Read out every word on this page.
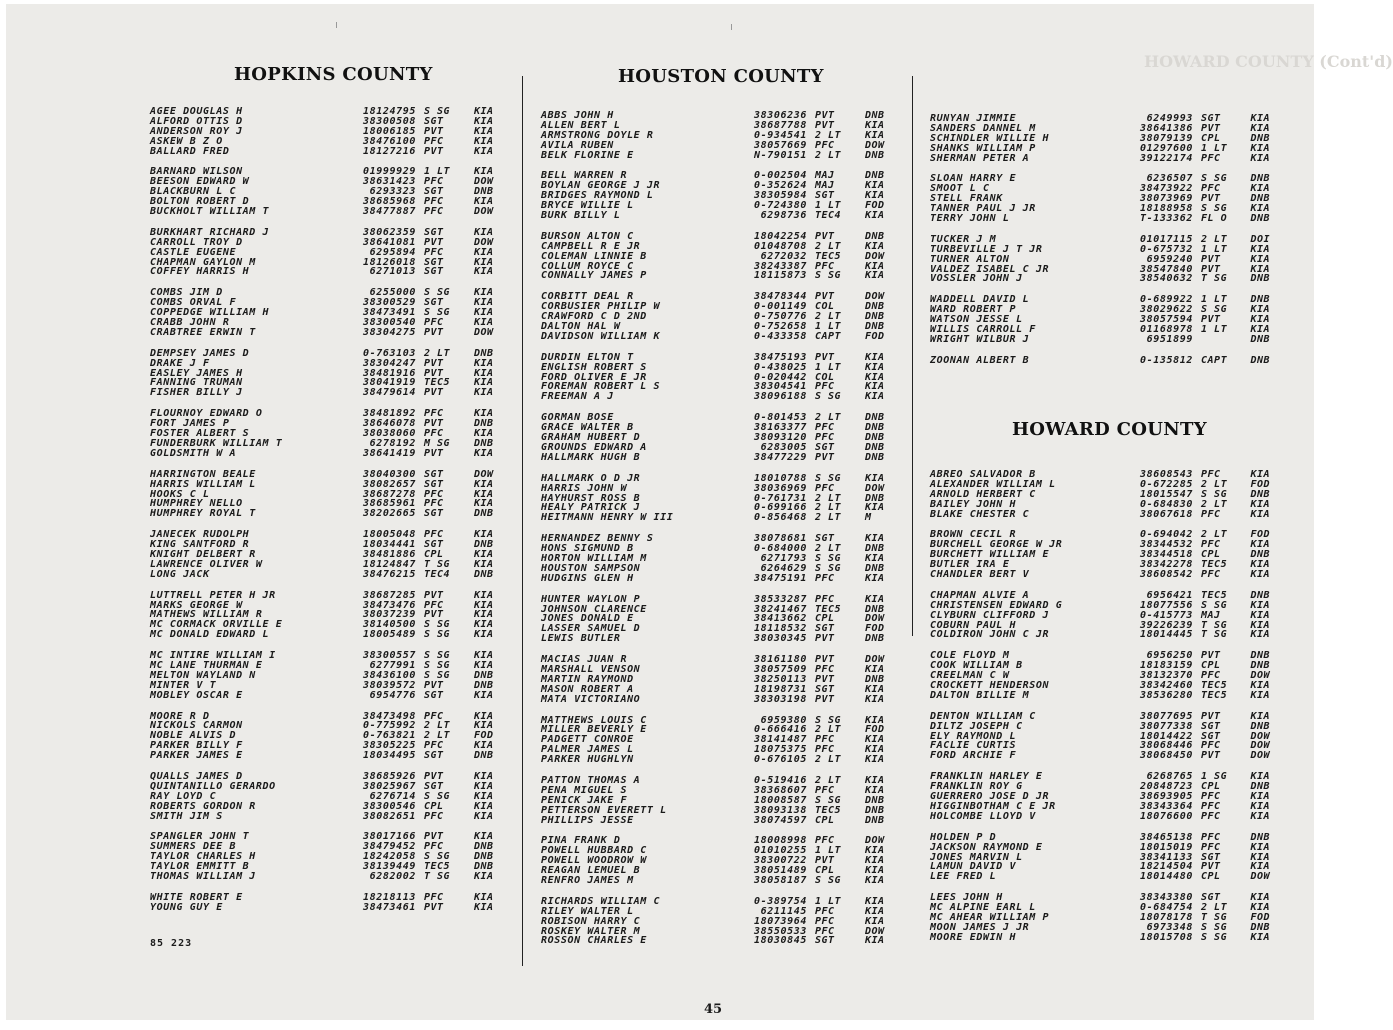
HOWARD COUNTY (Cont'd)
HOPKINS COUNTY
AGEE DOUGLAS H	18124795 S SG	KIA
ALFORD OTTIS D	38300508 SGT	KIA
ANDERSON ROY J	18006185 PVT	KIA
ASKEW B Z O	38476100 PFC	KIA
BALLARD FRED	18127216 PVT	KIA
BARNARD WILSON	01999929 1 LT	KIA
BEESON EDWARD W	38631423 PFC	DOW
BLACKBURN L C	6293323 SGT	DNB
BOLTON ROBERT D	38685968 PFC	KIA
BUCKHOLT WILLIAM T	38477887 PFC	DOW
BURKHART RICHARD J	38062359 SGT	KIA
CARROLL TROY D	38641081 PVT	DOW
CASTLE EUGENE	6295894 PFC	KIA
CHAPMAN GAYLON M	18126018 SGT	KIA
COFFEY HARRIS H	6271013 SGT	KIA
COMBS JIM D	6255000 S SG	KIA
COMBS ORVAL F	38300529 SGT	KIA
COPPEDGE WILLIAM H	38473491 S SG	KIA
CRABB JOHN R	38300540 PFC	KIA
CRABTREE ERWIN T	38304275 PVT	DOW
DEMPSEY JAMES D	0-763103 2 LT	DNB
DRAKE J F	38304247 PVT	KIA
EASLEY JAMES H	38481916 PVT	KIA
FANNING TRUMAN	38041919 TEC5	KIA
FISHER BILLY J	38479614 PVT	KIA
FLOURNOY EDWARD O	38481892 PFC	KIA
FORT JAMES P	38646078 PVT	DNB
FOSTER ALBERT S	38038060 PFC	KIA
FUNDERBURK WILLIAM T	6278192 M SG	DNB
GOLDSMITH W A	38641419 PVT	KIA
HARRINGTON BEALE	38040300 SGT	DOW
HARRIS WILLIAM L	38082657 SGT	KIA
HOOKS C L	38687278 PFC	KIA
HUMPHREY NELLO	38685961 PFC	KIA
HUMPHREY ROYAL T	38202665 SGT	DNB
JANECEK RUDOLPH	18005048 PFC	KIA
KING SANTFORD R	18034441 SGT	DNB
KNIGHT DELBERT R	38481886 CPL	KIA
LAWRENCE OLIVER W	18124847 T SG	KIA
LONG JACK	38476215 TEC4	DNB
LUTTRELL PETER H JR	38687285 PVT	KIA
MARKS GEORGE W	38473476 PFC	KIA
MATHEWS WILLIAM R	38037239 PVT	KIA
MC CORMACK ORVILLE E	38140500 S SG	KIA
MC DONALD EDWARD L	18005489 S SG	KIA
MC INTIRE WILLIAM I	38300557 S SG	KIA
MC LANE THURMAN E	6277991 S SG	KIA
MELTON WAYLAND N	38436100 S SG	DNB
MINTER V T	38039572 PVT	DNB
MOBLEY OSCAR E	6954776 SGT	KIA
MOORE R D	38473498 PFC	KIA
NICKOLS CARMON	0-775992 2 LT	KIA
NOBLE ALVIS D	0-763821 2 LT	FOD
PARKER BILLY F	38305225 PFC	KIA
PARKER JAMES E	18034495 SGT	DNB
QUALLS JAMES D	38685926 PVT	KIA
QUINTANILLO GERARDO	38025967 SGT	KIA
RAY LOYD C	6276714 S SG	KIA
ROBERTS GORDON R	38300546 CPL	KIA
SMITH JIM S	38082651 PFC	KIA
SPANGLER JOHN T	38017166 PVT	KIA
SUMMERS DEE B	38479452 PFC	DNB
TAYLOR CHARLES H	18242058 S SG	DNB
TAYLOR EMMITT B	38139449 TEC5	DNB
THOMAS WILLIAM J	6282002 T SG	KIA
WHITE ROBERT E	18218113 PFC	KIA
YOUNG GUY E	38473461 PVT	KIA
HOUSTON COUNTY
ABBS JOHN H	38306236 PVT	DNB
ALLEN BERT L	38687788 PVT	KIA
ARMSTRONG DOYLE R	0-934541 2 LT	KIA
AVILA RUBEN	38057669 PFC	DOW
BELK FLORINE E	N-790151 2 LT	DNB
BELL WARREN R	0-002504 MAJ	DNB
BOYLAN GEORGE J JR	0-352624 MAJ	KIA
BRIDGES RAYMOND L	38305984 SGT	KIA
BRYCE WILLIE L	0-724380 1 LT	FOD
BURK BILLY L	6298736 TEC4	KIA
BURSON ALTON C	18042254 PVT	DNB
CAMPBELL R E JR	01048708 2 LT	KIA
COLEMAN LINNIE B	6272032 TEC5	DOW
COLLUM ROYCE C	38243387 PFC	KIA
CONNALLY JAMES P	18115873 S SG	KIA
CORBITT DEAL R	38478344 PVT	DOW
CORBUSIER PHILIP W	0-001149 COL	DNB
CRAWFORD C D 2ND	0-750776 2 LT	DNB
DALTON HAL W	0-752658 1 LT	DNB
DAVIDSON WILLIAM K	0-433358 CAPT	FOD
DURDIN ELTON T	38475193 PVT	KIA
ENGLISH ROBERT S	0-438025 1 LT	KIA
FORD OLIVER E JR	0-020442 COL	KIA
FOREMAN ROBERT L S	38304541 PFC	KIA
FREEMAN A J	38096188 S SG	KIA
GORMAN BOSE	0-801453 2 LT	DNB
GRACE WALTER B	38163377 PFC	DNB
GRAHAM HUBERT D	38093120 PFC	DNB
GROUNDS EDWARD A	6283005 SGT	DNB
HALLMARK HUGH B	38477229 PVT	DNB
HALLMARK O D JR	18010788 S SG	KIA
HARRIS JOHN W	38036969 PFC	DOW
HAYHURST ROSS B	0-761731 2 LT	DNB
HEALY PATRICK J	0-699166 2 LT	KIA
HEITMANN HENRY W III	0-856468 2 LT	M
HERNANDEZ BENNY S	38078681 SGT	KIA
HONS SIGMUND B	0-684000 2 LT	DNB
HORTON WILLIAM M	6271793 S SG	KIA
HOUSTON SAMPSON	6264629 S SG	DNB
HUDGINS GLEN H	38475191 PFC	KIA
HUNTER WAYLON P	38533287 PFC	KIA
JOHNSON CLARENCE	38241467 TEC5	DNB
JONES DONALD E	38413662 CPL	DOW
LASSER SAMUEL D	18118532 SGT	FOD
LEWIS BUTLER	38030345 PVT	DNB
MACIAS JUAN R	38161180 PVT	DOW
MARSHALL VENSON	38057509 PFC	KIA
MARTIN RAYMOND	38250113 PVT	DNB
MASON ROBERT A	18198731 SGT	KIA
MATA VICTORIANO	38303198 PVT	KIA
MATTHEWS LOUIS C	6959380 S SG	KIA
MILLER BEVERLY E	0-666416 2 LT	FOD
PADGETT CONROE	38141487 PFC	KIA
PALMER JAMES L	18075375 PFC	KIA
PARKER HUGHLYN	0-676105 2 LT	KIA
PATTON THOMAS A	0-519416 2 LT	KIA
PENA MIGUEL S	38368607 PFC	KIA
PENICK JAKE F	18008587 S SG	DNB
PETTERSON EVERETT L	38093138 TEC5	DNB
PHILLIPS JESSE	38074597 CPL	DNB
PINA FRANK D	18008998 PFC	DOW
POWELL HUBBARD C	01010255 1 LT	KIA
POWELL WOODROW W	38300722 PVT	KIA
REAGAN LEMUEL B	38051489 CPL	KIA
RENFRO JAMES M	38058187 S SG	KIA
RICHARDS WILLIAM C	0-389754 1 LT	KIA
RILEY WALTER L	6211145 PFC	KIA
ROBISON HARRY C	18073964 PFC	KIA
ROSKEY WALTER M	38550533 PFC	DOW
ROSSON CHARLES E	18030845 SGT	KIA
RUNYAN JIMMIE	6249993 SGT	KIA
SANDERS DANNEL M	38641386 PVT	KIA
SCHINDLER WILLIE H	38079139 CPL	DNB
SHANKS WILLIAM P	01297600 1 LT	KIA
SHERMAN PETER A	39122174 PFC	KIA
SLOAN HARRY E	6236507 S SG	DNB
SMOOT L C	38473922 PFC	KIA
STELL FRANK	38073969 PVT	DNB
TANNER PAUL J JR	18188958 S SG	KIA
TERRY JOHN L	T-133362 FL O	DNB
TUCKER J M	01017115 2 LT	DOI
TURBEVILLE J T JR	0-675732 1 LT	KIA
TURNER ALTON	6959240 PVT	KIA
VALDEZ ISABEL C JR	38547840 PVT	KIA
VOSSLER JOHN J	38540632 T SG	DNB
WADDELL DAVID L	0-689922 1 LT	DNB
WARD ROBERT P	38029622 S SG	KIA
WATSON JESSE L	38057594 PVT	KIA
WILLIS CARROLL F	01168978 1 LT	KIA
WRIGHT WILBUR J	6951899	DNB
ZOONAN ALBERT B	0-135812 CAPT	DNB
HOWARD COUNTY
ABREO SALVADOR B	38608543 PFC	KIA
ALEXANDER WILLIAM L	0-672285 2 LT	FOD
ARNOLD HERBERT C	18015547 S SG	DNB
BAILEY JOHN H	0-684830 2 LT	KIA
BLAKE CHESTER C	38067618 PFC	KIA
BROWN CECIL R	0-694042 2 LT	FOD
BURCHELL GEORGE W JR	38344532 PFC	KIA
BURCHETT WILLIAM E	38344518 CPL	DNB
BUTLER IRA E	38342278 TEC5	KIA
CHANDLER BERT V	38608542 PFC	KIA
CHAPMAN ALVIE A	6956421 TEC5	DNB
CHRISTENSEN EDWARD G	18077556 S SG	KIA
CLYBURN CLIFFORD J	0-415773 MAJ	KIA
COBURN PAUL H	39226239 T SG	KIA
COLDIRON JOHN C JR	18014445 T SG	KIA
COLE FLOYD M	6956250 PVT	DNB
COOK WILLIAM B	18183159 CPL	DNB
CREELMAN C W	38132370 PFC	DOW
CROCKETT HENDERSON	38342460 TEC5	KIA
DALTON BILLIE M	38536280 TEC5	KIA
DENTON WILLIAM C	38077695 PVT	KIA
DILTZ JOSEPH C	38077338 SGT	DNB
ELY RAYMOND L	18014422 SGT	DOW
FACLIE CURTIS	38068446 PFC	DOW
FORD ARCHIE F	38068450 PVT	DOW
FRANKLIN HARLEY E	6268765 1 SG	KIA
FRANKLIN ROY G	20848723 CPL	DNB
GUERRERO JOSE D JR	38693905 PFC	KIA
HIGGINBOTHAM C E JR	38343364 PFC	KIA
HOLCOMBE LLOYD V	18076600 PFC	KIA
HOLDEN P D	38465138 PFC	DNB
JACKSON RAYMOND E	18015019 PFC	KIA
JONES MARVIN L	38341133 SGT	KIA
LAMUN DAVID V	18214504 PVT	KIA
LEE FRED L	18014480 CPL	DOW
LEES JOHN H	38343380 SGT	KIA
MC ALPINE EARL L	0-684754 2 LT	KIA
MC AHEAR WILLIAM P	18078178 T SG	FOD
MOON JAMES J JR	6973348 S SG	DNB
MOORE EDWIN H	18015708 S SG	KIA
85 223
45
